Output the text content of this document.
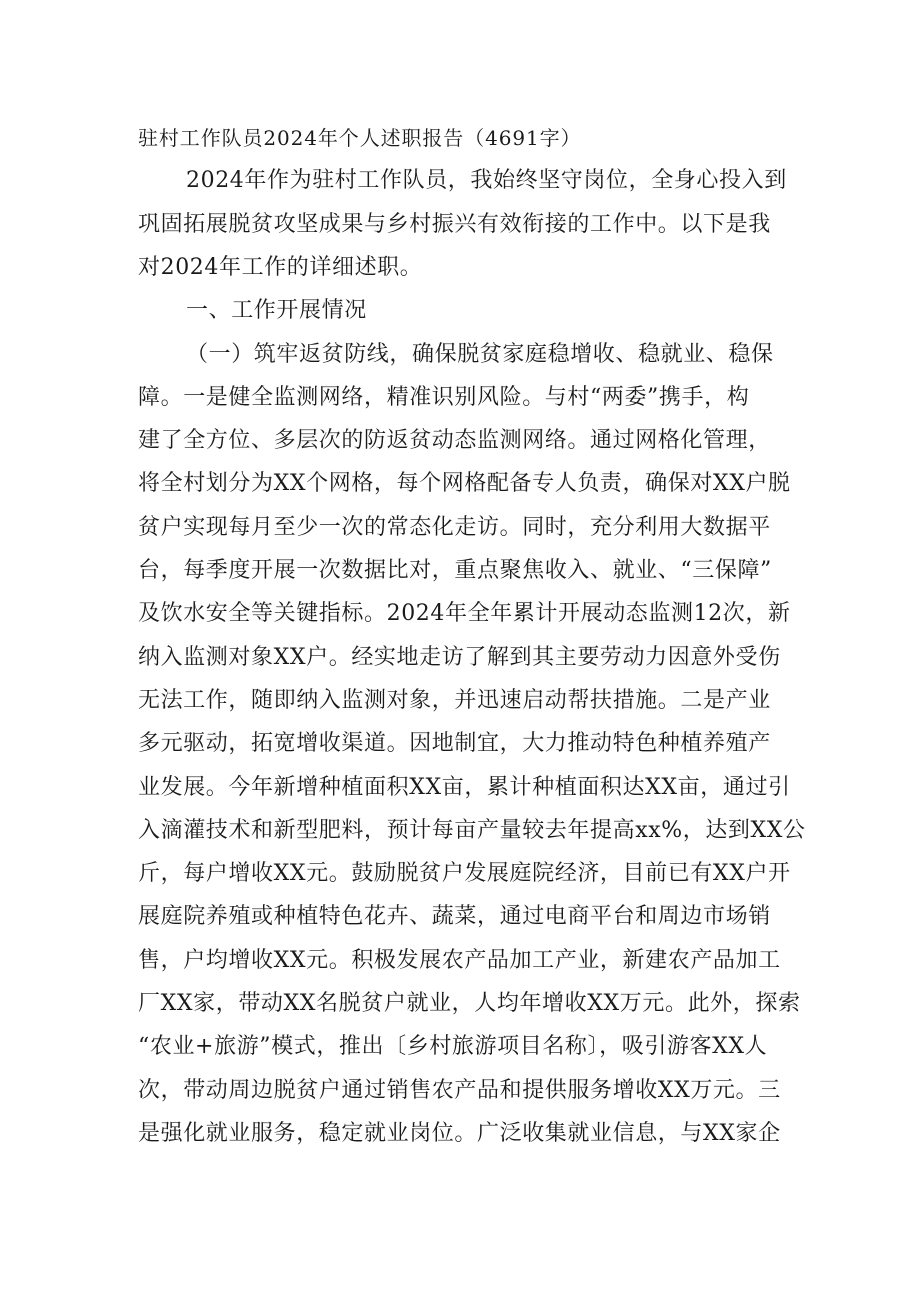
驻村工作队员2024年个人述职报告（4691字）
2024年作为驻村工作队员，我始终坚守岗位，全身心投入到
巩固拓展脱贫攻坚成果与乡村振兴有效衔接的工作中。以下是我
对2024年工作的详细述职。
一、工作开展情况
（一）筑牢返贫防线，确保脱贫家庭稳增收、稳就业、稳保
障。一是健全监测网络，精准识别风险。与村“两委”携手，构
建了全方位、多层次的防返贫动态监测网络。通过网格化管理，
将全村划分为XX个网格，每个网格配备专人负责，确保对XX户脱
贫户实现每月至少一次的常态化走访。同时，充分利用大数据平
台，每季度开展一次数据比对，重点聚焦收入、就业、“三保障”
及饮水安全等关键指标。2024年全年累计开展动态监测12次，新
纳入监测对象XX户。经实地走访了解到其主要劳动力因意外受伤
无法工作，随即纳入监测对象，并迅速启动帮扶措施。二是产业
多元驱动，拓宽增收渠道。因地制宜，大力推动特色种植养殖产
业发展。今年新增种植面积XX亩，累计种植面积达XX亩，通过引
入滴灌技术和新型肥料，预计每亩产量较去年提高xx%，达到XX公
斤，每户增收XX元。鼓励脱贫户发展庭院经济，目前已有XX户开
展庭院养殖或种植特色花卉、蔬菜，通过电商平台和周边市场销
售，户均增收XX元。积极发展农产品加工产业，新建农产品加工
厂XX家，带动XX名脱贫户就业，人均年增收XX万元。此外，探索
“农业+旅游”模式，推出〔乡村旅游项目名称〕，吸引游客XX人
次，带动周边脱贫户通过销售农产品和提供服务增收XX万元。三
是强化就业服务，稳定就业岗位。广泛收集就业信息，与XX家企
